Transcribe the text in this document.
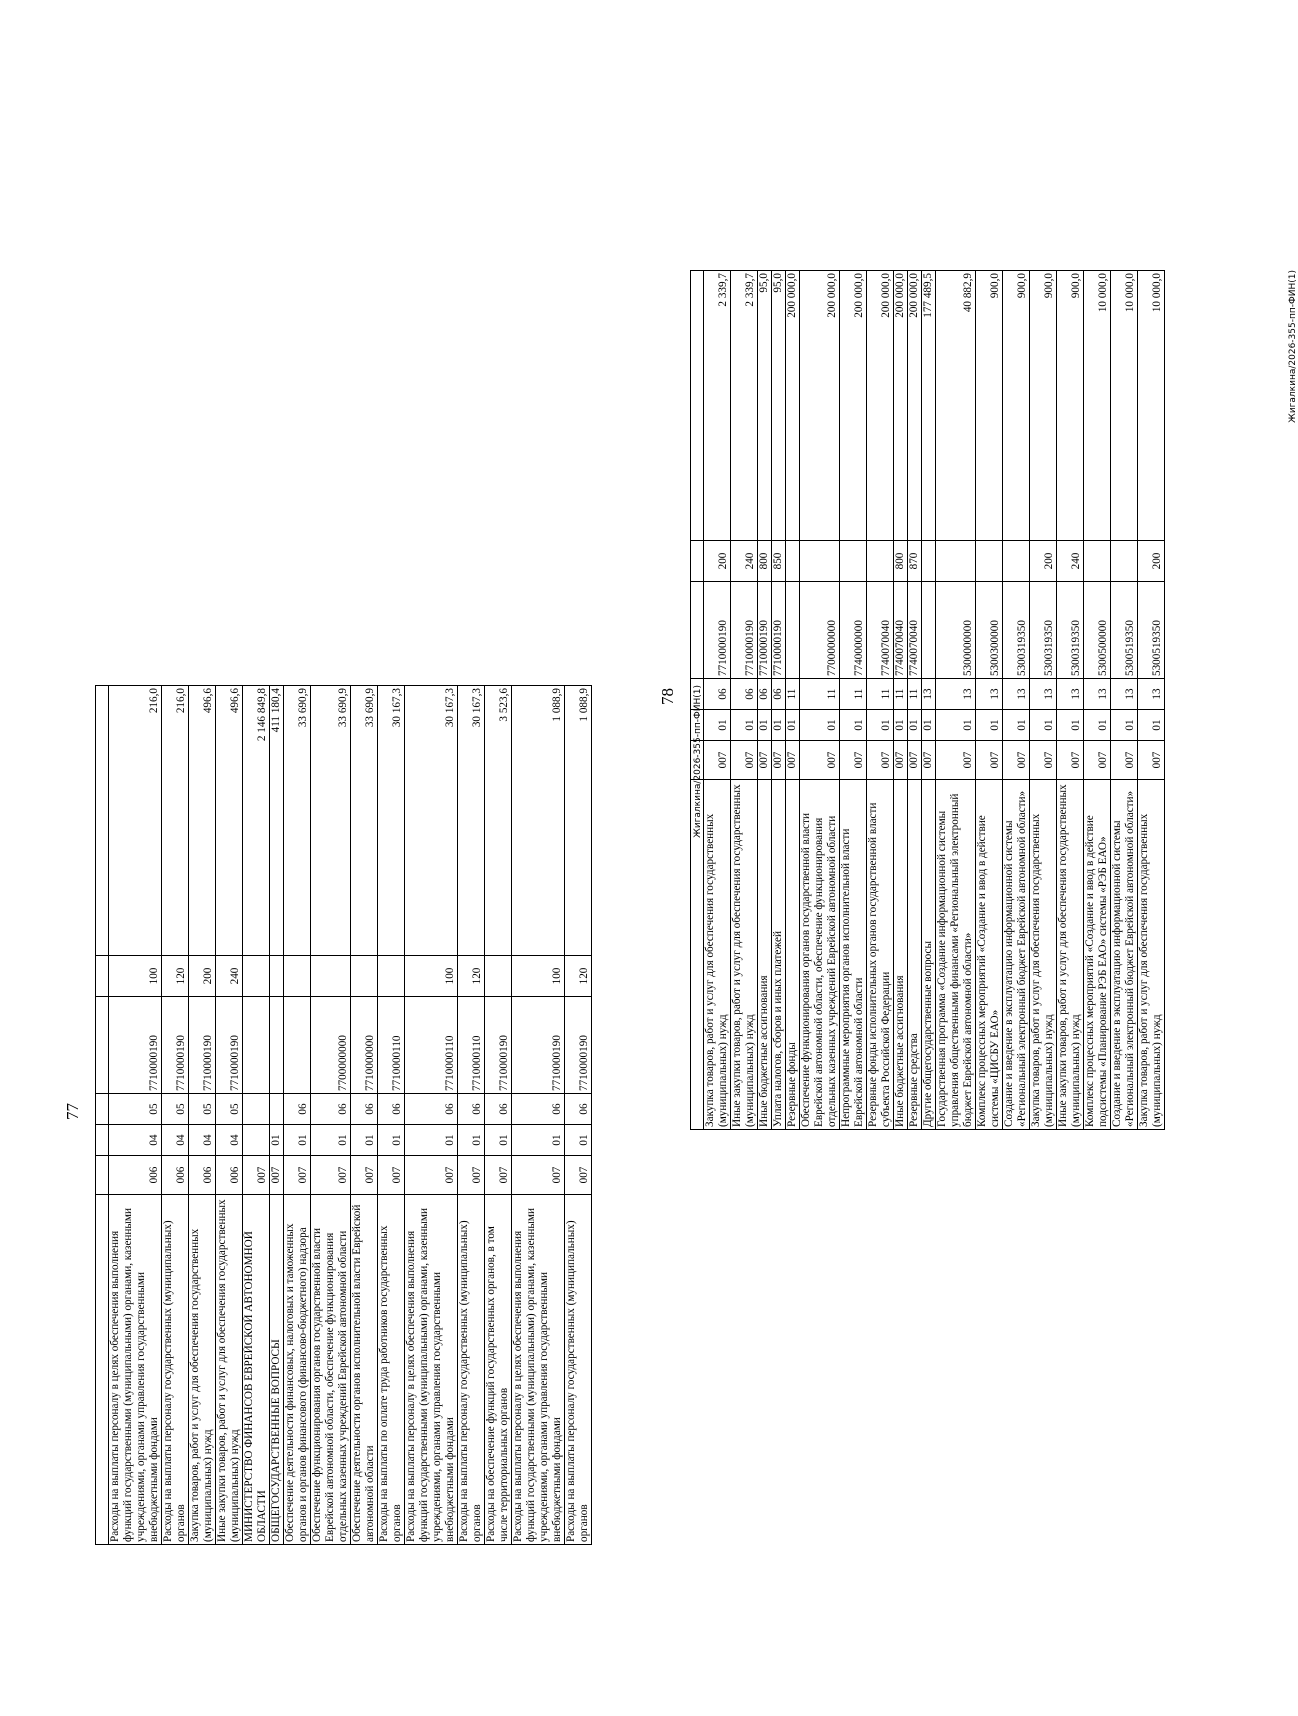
77

Расходы на выплаты персоналу в целях обеспечения выполнения функций государственными (муниципальными) органами, казенными учреждениями, органами управления государственными внебюджетными фондами	006	04	05	7710000190	100	216,0
Расходы на выплаты персоналу государственных (муниципальных) органов	006	04	05	7710000190	120	216,0
Закупка товаров, работ и услуг для обеспечения государственных (муниципальных) нужд	006	04	05	7710000190	200	496,6
Иные закупки товаров, работ и услуг для обеспечения государственных (муниципальных) нужд	006	04	05	7710000190	240	496,6
МИНИСТЕРСТВО ФИНАНСОВ ЕВРЕЙСКОЙ АВТОНОМНОЙ ОБЛАСТИ	007					2 146 849,8
ОБЩЕГОСУДАРСТВЕННЫЕ ВОПРОСЫ	007	01				411 180,4
Обеспечение деятельности финансовых, налоговых и таможенных органов и органов финансового (финансово-бюджетного) надзора	007	01	06			33 690,9
Обеспечение функционирования органов государственной власти Еврейской автономной области, обеспечение функционирования отдельных казенных учреждений Еврейской автономной области	007	01	06	7700000000		33 690,9
Обеспечение деятельности органов исполнительной власти Еврейской автономной области	007	01	06	7710000000		33 690,9
Расходы на выплаты по оплате труда работников государственных органов	007	01	06	7710000110		30 167,3
Расходы на выплаты персоналу в целях обеспечения выполнения функций государственными (муниципальными) органами, казенными учреждениями, органами управления государственными внебюджетными фондами	007	01	06	7710000110	100	30 167,3
Расходы на выплаты персоналу государственных (муниципальных) органов	007	01	06	7710000110	120	30 167,3
Расходы на обеспечение функций государственных органов, в том числе территориальных органов	007	01	06	7710000190		3 523,6
Расходы на выплаты персоналу в целях обеспечения выполнения функций государственными (муниципальными) органами, казенными учреждениями, органами управления государственными внебюджетными фондами	007	01	06	7710000190	100	1 088,9
Расходы на выплаты персоналу государственных (муниципальных) органов	007	01	06	7710000190	120	1 088,9	Жигалкина/2026-355-пп-ФИН(1)
78

Закупка товаров, работ и услуг для обеспечения государственных (муниципальных) нужд	007	01	06	7710000190	200	2 339,7
Иные закупки товаров, работ и услуг для обеспечения государственных (муниципальных) нужд	007	01	06	7710000190	240	2 339,7
Иные бюджетные ассигнования	007	01	06	7710000190	800	95,0
Уплата налогов, сборов и иных платежей	007	01	06	7710000190	850	95,0
Резервные фонды	007	01	11			200 000,0
Обеспечение функционирования органов государственной власти Еврейской автономной области, обеспечение функционирования отдельных казенных учреждений Еврейской автономной области	007	01	11	7700000000		200 000,0
Непрограммные мероприятия органов исполнительной власти Еврейской автономной области	007	01	11	7740000000		200 000,0
Резервные фонды исполнительных органов государственной власти субъекта Российской Федерации	007	01	11	7740070040		200 000,0
Иные бюджетные ассигнования	007	01	11	7740070040	800	200 000,0
Резервные средства	007	01	11	7740070040	870	200 000,0
Другие общегосударственные вопросы	007	01	13			177 489,5
Государственная программа «Создание информационной системы управления общественными финансами «Региональный электронный бюджет Еврейской автономной области»	007	01	13	5300000000		40 882,9
Комплекс процессных мероприятий «Создание и ввод в действие системы «ЦИСБУ ЕАО»	007	01	13	5300300000		900,0
Создание и введение в эксплуатацию информационной системы «Региональный электронный бюджет Еврейской автономной области»	007	01	13	5300319350		900,0
Закупка товаров, работ и услуг для обеспечения государственных (муниципальных) нужд	007	01	13	5300319350	200	900,0
Иные закупки товаров, работ и услуг для обеспечения государственных (муниципальных) нужд	007	01	13	5300319350	240	900,0
Комплекс процессных мероприятий «Создание и ввод в действие подсистемы «Планирование РЭБ ЕАО» системы «РЭБ ЕАО»	007	01	13	5300500000		10 000,0
Создание и введение в эксплуатацию информационной системы «Региональный электронный бюджет Еврейской автономной области»	007	01	13	5300519350		10 000,0
Закупка товаров, работ и услуг для обеспечения государственных (муниципальных) нужд	007	01	13	5300519350	200	10 000,0	Жигалкина/2026-355-пп-ФИН(1)
